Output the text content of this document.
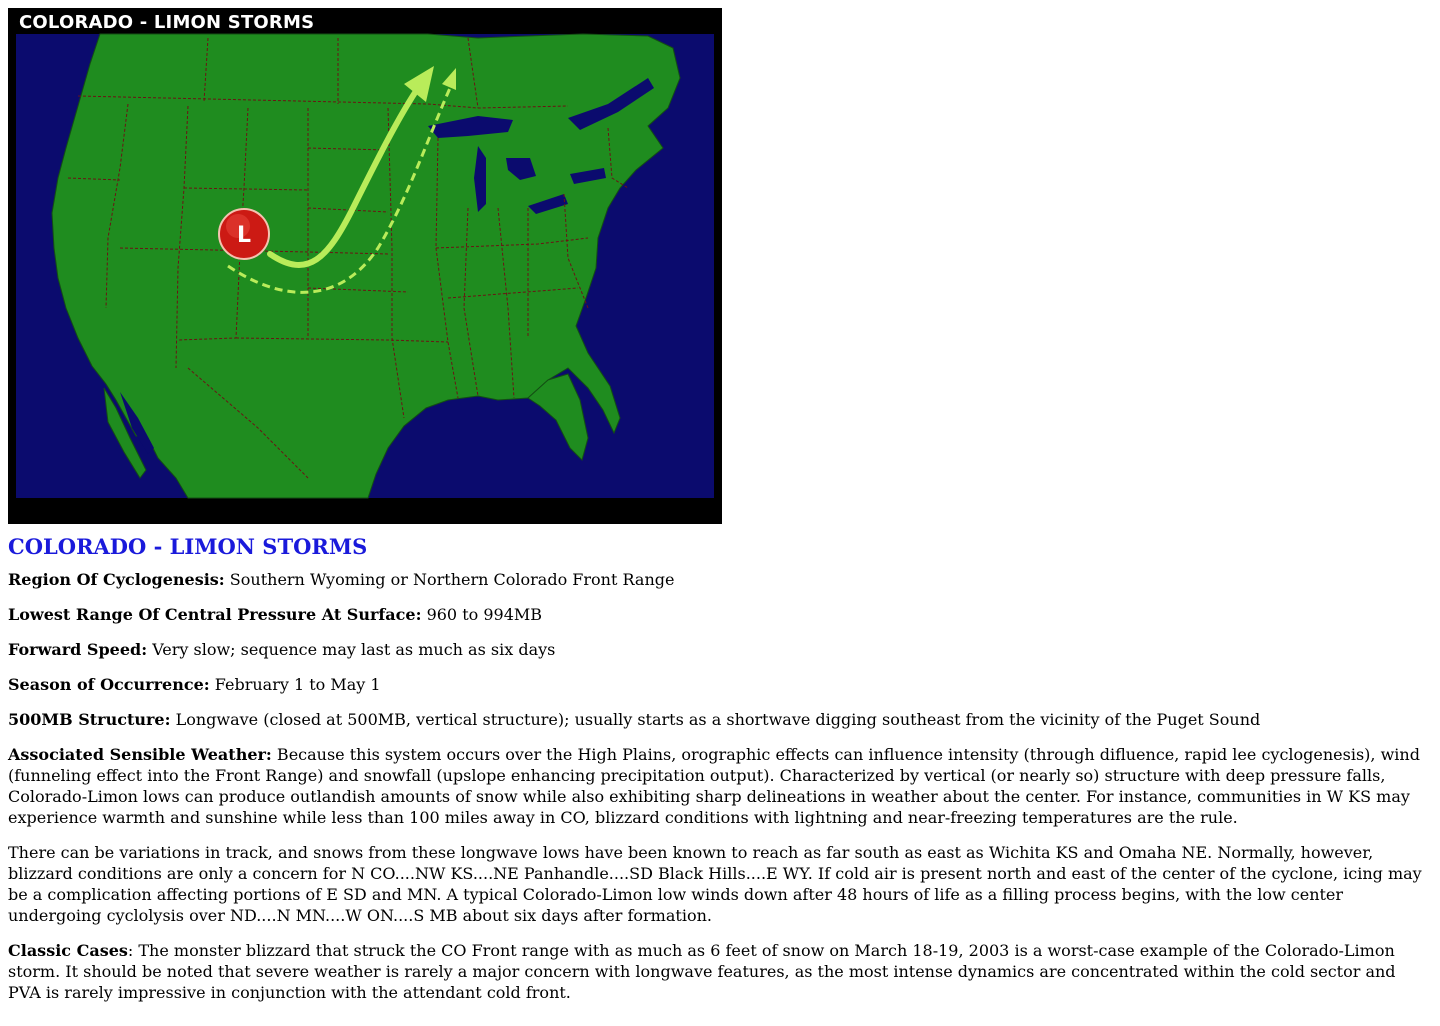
L
COLORADO - LIMON STORMS
COLORADO - LIMON STORMS

Region Of Cyclogenesis: Southern Wyoming or Northern Colorado Front Range

Lowest Range Of Central Pressure At Surface: 960 to 994MB

Forward Speed: Very slow; sequence may last as much as six days

Season of Occurrence: February 1 to May 1

500MB Structure: Longwave (closed at 500MB, vertical structure); usually starts as a shortwave digging southeast from the vicinity of the Puget Sound

Associated Sensible Weather: Because this system occurs over the High Plains, orographic effects can influence intensity (through difluence, rapid lee cyclogenesis), wind (funneling effect into the Front Range) and snowfall (upslope enhancing precipitation output). Characterized by vertical (or nearly so) structure with deep pressure falls, Colorado-Limon lows can produce outlandish amounts of snow while also exhibiting sharp delineations in weather about the center. For instance, communities in W KS may experience warmth and sunshine while less than 100 miles away in CO, blizzard conditions with lightning and near-freezing temperatures are the rule.

There can be variations in track, and snows from these longwave lows have been known to reach as far south as east as Wichita KS and Omaha NE. Normally, however, blizzard conditions are only a concern for N CO....NW KS....NE Panhandle....SD Black Hills....E WY. If cold air is present north and east of the center of the cyclone, icing may be a complication affecting portions of E SD and MN. A typical Colorado-Limon low winds down after 48 hours of life as a filling process begins, with the low center undergoing cyclolysis over ND....N MN....W ON....S MB about six days after formation.

Classic Cases: The monster blizzard that struck the CO Front range with as much as 6 feet of snow on March 18-19, 2003 is a worst-case example of the Colorado-Limon storm. It should be noted that severe weather is rarely a major concern with longwave features, as the most intense dynamics are concentrated within the cold sector and PVA is rarely impressive in conjunction with the attendant cold front.
